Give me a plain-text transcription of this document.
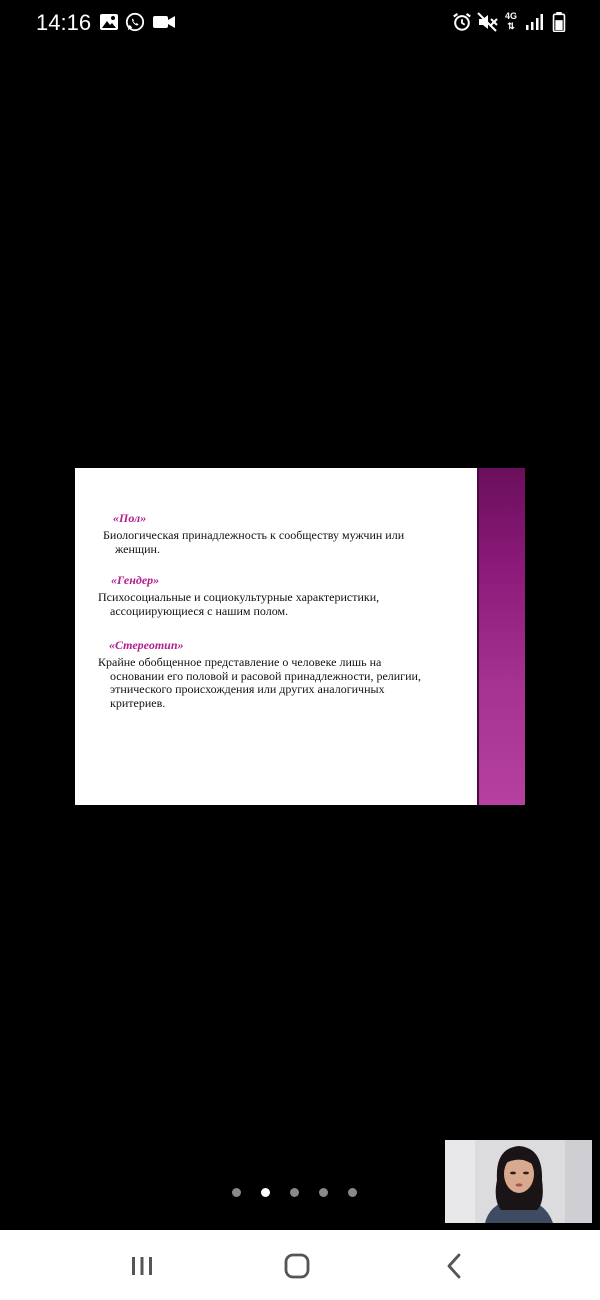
14:16	4G
⇅
«Пол»
Биологическая принадлежность к сообществу мужчин или
женщин.
«Гендер»
Психосоциальные и социокультурные характеристики,
ассоциирующиеся с нашим полом.
«Стереотип»
Крайне обобщенное представление о человеке лишь на
основании его половой и расовой принадлежности, религии,
этнического происхождения или других аналогичных
критериев.
